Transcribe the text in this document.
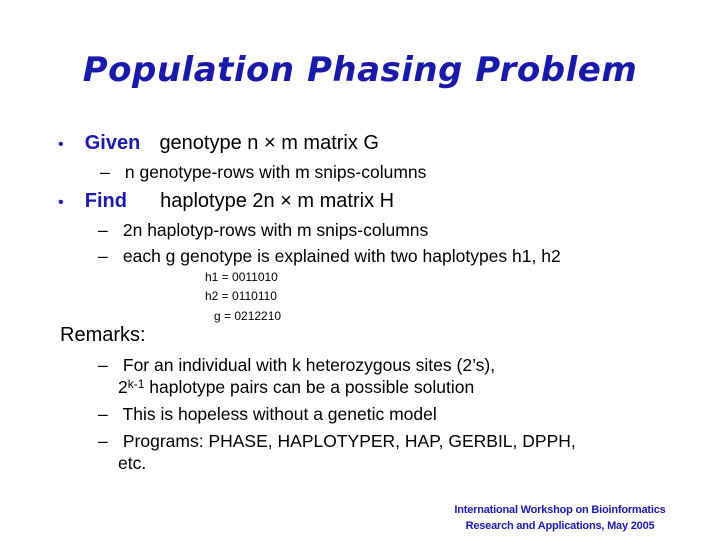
Population Phasing Problem
• Given genotype n × m matrix G
– n genotype-rows with m snips-columns
• Find haplotype 2n × m matrix H
– 2n haplotyp-rows with m snips-columns
– each g genotype is explained with two haplotypes h1, h2
h1 = 0011010
h2 = 0110110
g = 0212210
Remarks:
– For an individual with k heterozygous sites (2’s),
2$^{k-1}$ haplotype pairs can be a possible solution
– This is hopeless without a genetic model
– Programs: PHASE, HAPLOTYPER, HAP, GERBIL, DPPH,
etc.
International Workshop on Bioinformatics
Research and Applications, May 2005
